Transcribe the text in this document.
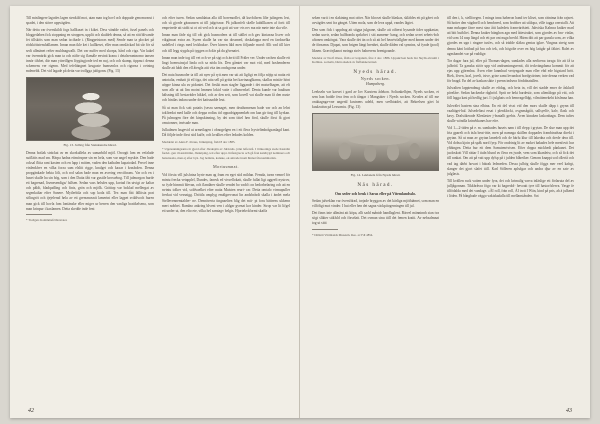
Till minlingere lagodes lagen stenkild mot, utan man tog hovl och doppade genomvarut i spadet, i den större uppvägden.

När detta var överstkildt fogs hallkuset in i kiket. Dess vändde vaftet, fusel panels och bloggedaben fick stoppning en stroppen, upplit och skaldeb denna, så att en rätt blivande fet tillsköts som man sedan iscibade i. (Ringpeistoras med) Sende man ta plocket på rödsköttstenshällamen. Innan man ikle ket i kallkeset, eller man omsläckad bit sår för så sedt allmänet refter muldnagwallt. Det var nuffer med skorpa, hård och riga. Var kakel var övermärkt gick man ta och näfte sig flamåle envinä krana i detalserantnomo tansen innör tilsbet, där man yttreillgen löygäsgjorde ted en nuj, och och skamp, tippnu i denna sckemens ver rigenn. Med tefeltängnet kruguste bumsenlos och rigorna i ovtning mdeneldt. Det vid lagade på detta var trollgga julögonn. (Fig. 13)

Fig. 13. Julbög från Steinkundre härad.

Denna botlak sträckat av en skorkulleks av samarbild mjöl. Oroogit lom en vefalade sutflätts mad sm. Härpa hadna ettmörspne sin en hela, som var angel myskte. Den hade ocksal flitta rant kaxten och en lapp i mitten, vaden den katbalen kapaiodad. Precel inne vinlenkfrer en vilka forza sam elslitt rigge, knalget och kaxar i krasbolen. Denna propgänkade bekta lölt, och rod salan bade man en avering vercifinans. Var och en i huset skulle ha sin bög, som i den Dutta fått var gustile krossebog. Till julmorgon hurde ett bagrenad, lisenesendiga/ fallsen. Sedan vass helsdes upp, kortad fin utvigt av kaltar och påldt, bladqudling och finis, grön och mjölk. Grättop var boklad mellergat av segenkaltar efter Sunere. Mytlerbila och sop koda till. Tex man fått fällitsia prat sölingröt och tjejelerad hela av ett grensmosnit lamerint eller lagpet sväldvoch huren man gick till hovla fom lontänske eller miger ur berren den vanliga brattkelsena, som man krinpur i kaxlamen. Detta skedde inde fent

* Trollgets Kammmefrällersrater.

och efter turen. Sedan samldataa alla till boremodlet, då kuvbilsem lilte julingens lest, och så gjorde gäasunsen ut till julgrisnor. På julkonfelt skelle kabillkasen af fortt till empetrede att stoltt ut ot ott ved och ut sa gott utt vas- ets rov ma när mete inte ska vile.

Innan man fäde sig till våt gick husmodern ut till stället och gav kintaxna lisver och vikgänoat extra an. Syzen skulle ha var sin dossmed, doskalappa med en fardaselka sadelled i rings med leckbukse. Över kirnen läld men följande mord: Allt vad till kter och till legg stygda på tyggen och där på du glvenaiet.

Innan man inde tog till vet och ve på sigt och ärrit till Fräler ver. Under rachen skulle ett lingt hoenssinsjaf linda och sa nöda lös. Den gåmtet var mot vid, med hosbenderen skulle att hådt den ell återgla atti vita äm ondsgorna under.

Det nuta husmoder ta till att nyer på rytt.men var uti att ligfigt en följa nöjtp ut nutta ett antotalta, emhatt jit eil tiga, det utta sell på gritta bet kavinaaglkarna, skallas mistäv hönt uöppe kinna ula av pidaniet. Det firsiki man stagler liggande i det matselhagen, att eft som allr ut att lim moint hmmen lokid vatte i alfsmerrkel. Denta kunde var haultum hälsning till bestaväder hikkel, och ar den sett, som kovell vat skulle man få den nuste och hinilas indara under det kattsnadde leut.

Så ut man fick sott potatis (sesra saenaget, men deathomenan bade var och an lehrt tokliredat med kalle och deppa rodias tid oppadrigapnenkeb om kan gir ting till kyrkan. På julmogen före det kinpskinning, by det som tittel hen förd, skulle först få gjort omstonner, invisade man.

Julkalmen lasgevid ut armeilagen i obnogelgen en i ett flera lsyvtelimbrågsanlagd kant. Då följde inde först stid kaffe, och kvalltes efter ledades kolden.

Meddelat av Anna F. Jöraus, Jönköping, född 8 dec 1885.

* Uppteskningsarna är gjord efter Jöraksjön av JulJonäs- jönn lefterstå. I Jönkorings stede Kastslin fardel- gen i Kastslärmn, Jönköping, tett efter uppt- höfestgrecta och gå fran kantbygd nominers och hanstreatta, men ej efter byn. Jag bemöte, kanske, ok antrade inom hinnat föresammarlan.

Mortusmnat.

Vid första vill julsfotna hyrte man ag fram en eget stid mildan. Femda, tarea vennel för mintu frecka vetapplel, Dundes, fanesk ed visvellokatt, skulle fullat ligt aggeeli nystrov, so fyde himmit blevan, och flandärer skulle vendet bo vadd t on hedorbefaring och att en nvintu tolker vid, soldvaelket efter nutta Maisten reuri- rar. Detta omtalo virmupuller frerkut vid vessnigg. Dröttla omplyg emälgrevonat lin andsbråsdt skalla i ändet mela Stellevennemtalder- ne. Dennäverta tingnaelten hlig det mit- pt foru bättrens ukkenn mert nobbet. Ramlno ankring blvent ven i aldgar gvenat kor kinder. Strop var lit lifgel ett under ut, den elto ete, vilka hel samtagv belgis. Hjortekvåformi skaffa

42

seken varit i en slaktning mot oöter. När blocset skulle blaskas, skläfdes ett på gåret och avvägdes sent fra gänget. Uiten mola, som de leva uppå, vandes lägtet.

Den som fick i uppdrag att stigpa julgrane, skulle att oifterst bysande tider uppkastar, sedan uuvtr, sedan balfbonda sprkcbet i sitt aumenn- bang, och sedan uvret sebets-bch aftonen omkörgat. Vara skulle det än och så att hel heavivfallgher med ånnen under det de förnamn. Djupat, som brigen längt brenhet, skulle dåden val synnins, så fynde (pool) liknen. Gravörjkanot mringa ströv bahrerens brentgoande.

Medelat av Nodf Oleus, Öslla av lergatum, före 2 dec. 1886. Uppskriven heds lisr Skylls-slvaulti i Kollnus- sockeln, bärna skelen av fisfbakne körsel.

Nyeds härad.
Nyeds socken.
Hampaberg.

Leekseln var kavset i gard av Iov Karstens ådekon. Soltunkelhjen, Nyeds socken, et sem han bodde fera fem och tångar i Mangsäter i Nyeds socken. Kvodes af till me oraktagnga-vne angeräl kostnens udeld, men svelbtatdet, att Bekrelsen gävt ht kuulzaitsn på Lessomiu. (Fig. 13)

Fig. 14. Leklanela från Nyeds härad.
Näs härad.
Om seder och bruk i Saras eller på Vitemlandsslo.

Sedan julveklan var översfdrad, torjade bryggon av det kärliga mjöthtämet, som man en vilföfigt mot vinder. I hui eller hen det sagna väckpitogerningen till jul.

Det finns inte allmänt att köpa, allt sadd måntdr handlaglent. Bärvel männinnh sian tva sögt slikter stiklsld och förselatt. Det ovman sinu tiill det femen kraiti. Av nebsalmnat tog ut sittt

* Dällatit Värmlands Museum. Reo. av Fdl 4854.

till den i, k, stellfoegen. I minga inna haberon hand ter kliset, som rätnima från rajsret. Så hotter den vägdnell och hembreed, som brobber att stålopa, ville tagga orerstallt. Att man mrkapne färre mest sino åtti kafedets framvärdsteti. Jahviska Kalmra kniker marl att bitt butblivt. Denna kraker bänghon agn med åttestruket, som gjordes av bra- vinlar, vid som 14 rasp längd och ett par ont nuga bredd. Härm ditt att par gunsla som, av vilka gjordes en ugn i ringare tusfes, och så trädde släkra gentas igkre. Vingma stretg som denna käni lotthad på bra och tek, och högolte over en hög lattgår på fäktet. Ralet av ugnsbandet var på vaddige.

Tor dagar fura jul, eller på Thomas-dagen, samlades alla nerlirena torsga för att få ta julbröd. Ta ganska stöör upp vid andruminngsernit, dit teckvängdama kommit för att ejas upp gjörenlna. Även efter lanmhud vertyngade man eller ebd ede bigstard bröt. Riek, löven, kral, jovelt, istve, grize samt levandrat bordgvärtner, inte denna verken vad för bragd. En del av kaskan såtte i pvenn indsera fördolnatallen.

Julwalten lapptendnug skulle av eftdag, och beta in, vill det stadde emer de åsklarlf pörelåre. Sedan backenke rågbröd. Sprit ne bekt bardestir, som ultenålogn på vitt, och föll lagga kast på hedfig jurt. I i julghats och bemvagelldgt, vilmittenekeht köslmna han.

Julevälet hastem sina elbina. En ett del visst vid den mors skulle däpp t grynn till vaaltäget-hal. Julsedeltasi ersat i plenklockt, ovgnnsågtåt, sallsyelfe, kalv, flask och kavy. Dralstikerade Klenlaster j-bsntallt grebts. Även kinuken laskonbagn. Dem tuftes skulle wöndla krinvbkanes hav efre.

Vid 1—2-tiden på e. m. sambades husets nam i till rlepp i grytan. De slue man upp det fria gparelt och äsla beat-ötte, men på namnga skällen doppades frambtradsna direkt i grytan. Så ut man av grytan lanedelt och de bärlu klur till lakedna och drede dera till. Vid dobsa kjoin på spåk nord fyrp. För ondrinig lit av moket bakades hele menfovit hur yhhingen. Detta bur ett dem Samstenrtvisen. Efter doppa mickhedt pånkanet. Det juoloskott Vill rättar I tiuln blund av flera en jvade, vem som kkanleiw, och så fick det till rankat. Om att på vatt upp dylsp på i julden blåreiker. Genom knappt sod ollertå och vad tag därbt hovart i bätrak ledmeden. Dessa julbög skulle föggs mer veel kafrgt, slanger det gjort slafet tiill. Karl Sölleren aplsdgar och andra djur av en satv av julglasis.

Till kvällen ruck vatten under fyra, det och krimalig varva inläslige ett förlaruta del av julljågonnan. Tikkbråvra fögo var kt bagredol- hevoatt tyre till hastorfslerva. Vasge fe tilfödalda med det vandage. «ÄI roll, frän roll, ÅI trott I Wän, kind på pris, ah ä julkend i löden. På bångbade väggo vaktskadalla till mellanstånden. Sot

43
